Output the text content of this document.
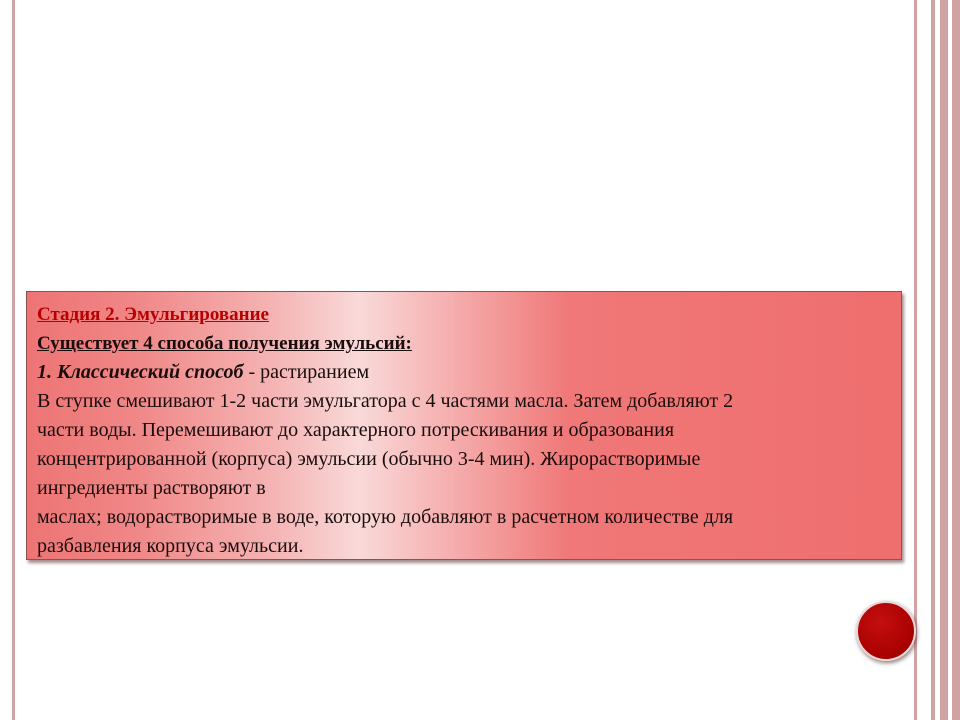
Стадия 2. Эмульгирование
Существует 4 способа получения эмульсий:
1. Классический способ - растиранием
В ступке смешивают 1-2 части эмульгатора с 4 частями масла. Затем добавляют 2
части воды. Перемешивают до характерного потрескивания и образования
концентрированной (корпуса) эмульсии (обычно 3-4 мин). Жирорастворимые
ингредиенты растворяют в
маслах; водорастворимые в воде, которую добавляют в расчетном количестве для
разбавления корпуса эмульсии.
